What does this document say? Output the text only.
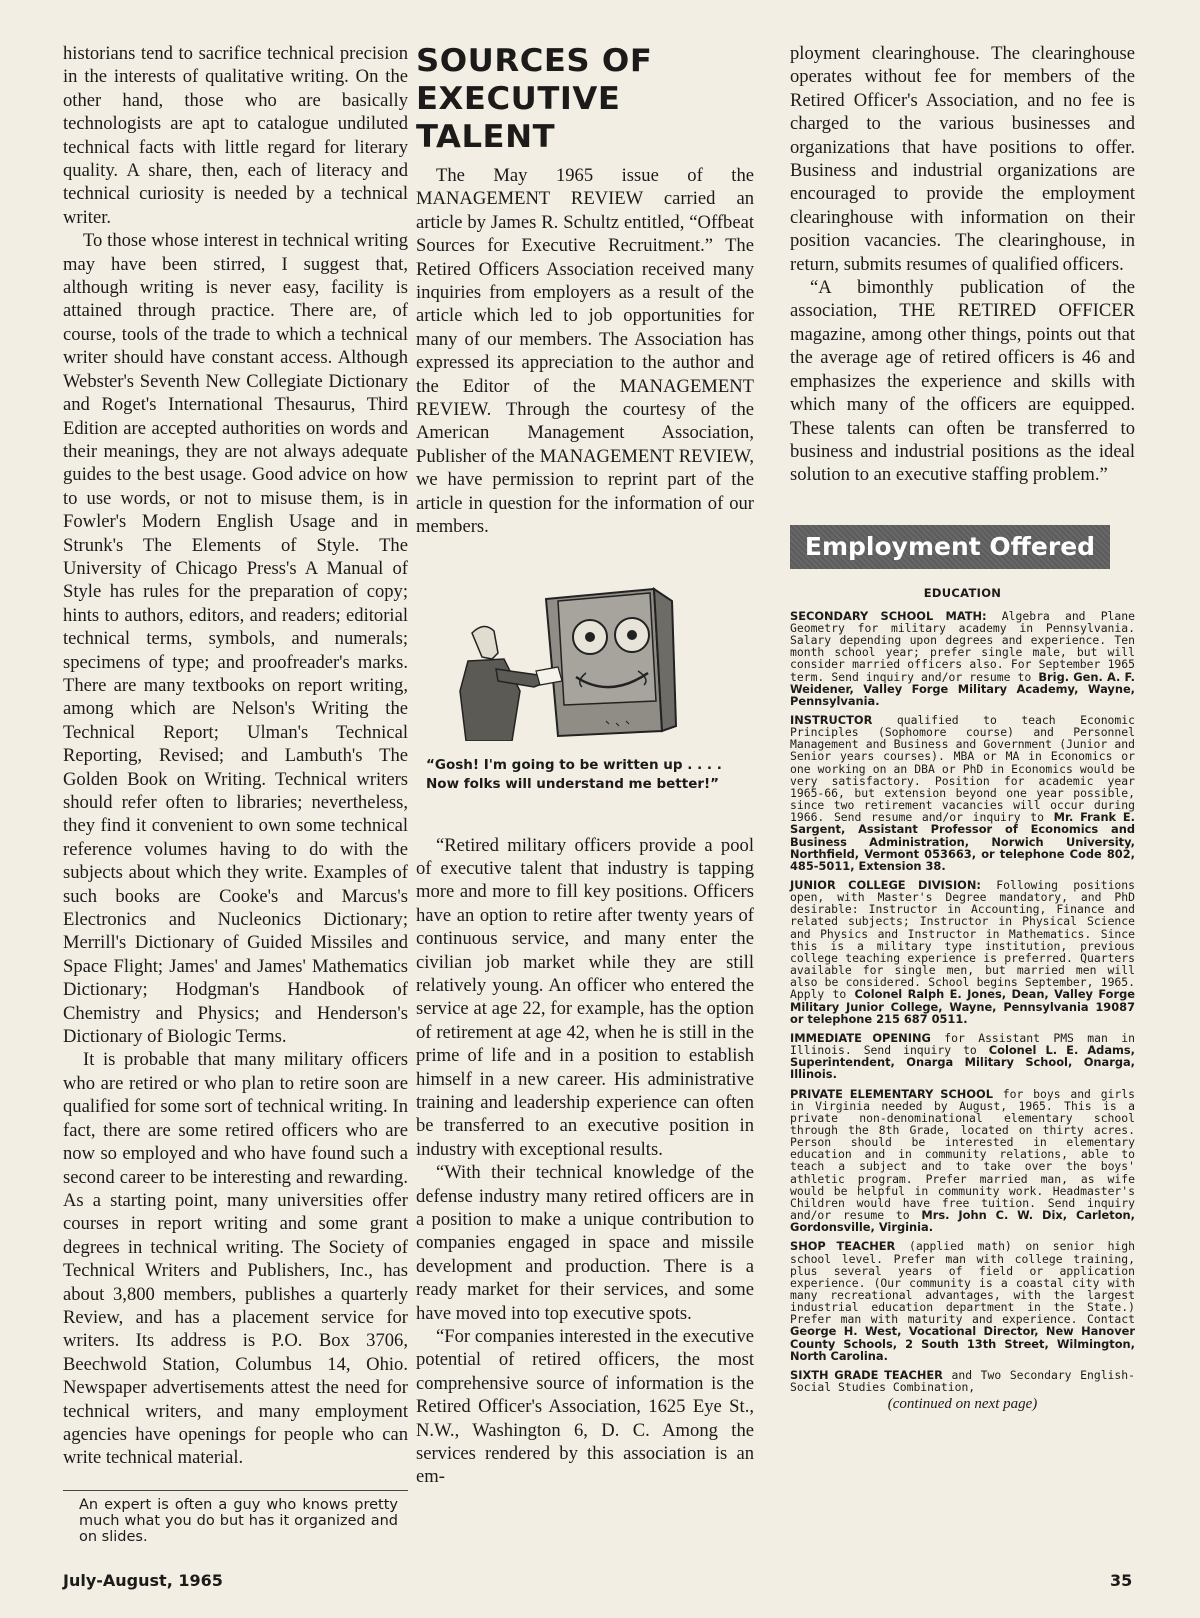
historians tend to sacrifice technical precision in the interests of qualitative writing. On the other hand, those who are basically technologists are apt to catalogue undiluted technical facts with little regard for literary quality. A share, then, each of literacy and technical curiosity is needed by a technical writer.

To those whose interest in technical writing may have been stirred, I suggest that, although writing is never easy, facility is attained through practice. There are, of course, tools of the trade to which a technical writer should have constant access. Although Webster's Seventh New Collegiate Dictionary and Roget's International Thesaurus, Third Edition are accepted authorities on words and their meanings, they are not always adequate guides to the best usage. Good advice on how to use words, or not to misuse them, is in Fowler's Modern English Usage and in Strunk's The Elements of Style. The University of Chicago Press's A Manual of Style has rules for the preparation of copy; hints to authors, editors, and readers; editorial technical terms, symbols, and numerals; specimens of type; and proofreader's marks. There are many textbooks on report writing, among which are Nelson's Writing the Technical Report; Ulman's Technical Reporting, Revised; and Lambuth's The Golden Book on Writing. Technical writers should refer often to libraries; nevertheless, they find it convenient to own some technical reference volumes having to do with the subjects about which they write. Examples of such books are Cooke's and Marcus's Electronics and Nucleonics Dictionary; Merrill's Dictionary of Guided Missiles and Space Flight; James' and James' Mathematics Dictionary; Hodgman's Handbook of Chemistry and Physics; and Henderson's Dictionary of Biologic Terms.

It is probable that many military officers who are retired or who plan to retire soon are qualified for some sort of technical writing. In fact, there are some retired officers who are now so employed and who have found such a second career to be interesting and rewarding. As a starting point, many universities offer courses in report writing and some grant degrees in technical writing. The Society of Technical Writers and Publishers, Inc., has about 3,800 members, publishes a quarterly Review, and has a placement service for writers. Its address is P.O. Box 3706, Beechwold Station, Columbus 14, Ohio. Newspaper advertisements attest the need for technical writers, and many employment agencies have openings for people who can write technical material.

An expert is often a guy who knows pretty much what you do but has it organized and on slides.
SOURCES OF EXECUTIVE TALENT

The May 1965 issue of the MANAGEMENT REVIEW carried an article by James R. Schultz entitled, “Offbeat Sources for Executive Recruitment.” The Retired Officers Association received many inquiries from employers as a result of the article which led to job opportunities for many of our members. The Association has expressed its appreciation to the author and the Editor of the MANAGEMENT REVIEW. Through the courtesy of the American Management Association, Publisher of the MANAGEMENT REVIEW, we have permission to reprint part of the article in question for the information of our members.

“Gosh! I'm going to be written up . . . . Now folks will understand me better!”

“Retired military officers provide a pool of executive talent that industry is tapping more and more to fill key positions. Officers have an option to retire after twenty years of continuous service, and many enter the civilian job market while they are still relatively young. An officer who entered the service at age 22, for example, has the option of retirement at age 42, when he is still in the prime of life and in a position to establish himself in a new career. His administrative training and leadership experience can often be transferred to an executive position in industry with exceptional results.

“With their technical knowledge of the defense industry many retired officers are in a position to make a unique contribution to companies engaged in space and missile development and production. There is a ready market for their services, and some have moved into top executive spots.

“For companies interested in the executive potential of retired officers, the most comprehensive source of information is the Retired Officer's Association, 1625 Eye St., N.W., Washington 6, D. C. Among the services rendered by this association is an em-

ployment clearinghouse. The clearinghouse operates without fee for members of the Retired Officer's Association, and no fee is charged to the various businesses and organizations that have positions to offer. Business and industrial organizations are encouraged to provide the employment clearinghouse with information on their position vacancies. The clearinghouse, in return, submits resumes of qualified officers.

“A bimonthly publication of the association, THE RETIRED OFFICER magazine, among other things, points out that the average age of retired officers is 46 and emphasizes the experience and skills with which many of the officers are equipped. These talents can often be transferred to business and industrial positions as the ideal solution to an executive staffing problem.”

Employment Offered
EDUCATION
SECONDARY SCHOOL MATH: Algebra and Plane Geometry for military academy in Pennsylvania. Salary depending upon degrees and experience. Ten month school year; prefer single male, but will consider married officers also. For September 1965 term. Send inquiry and/or resume to Brig. Gen. A. F. Weidener, Valley Forge Military Academy, Wayne, Pennsylvania.
INSTRUCTOR qualified to teach Economic Principles (Sophomore course) and Personnel Management and Business and Government (Junior and Senior years courses). MBA or MA in Economics or one working on an DBA or PhD in Economics would be very satisfactory. Position for academic year 1965-66, but extension beyond one year possible, since two retirement vacancies will occur during 1966. Send resume and/or inquiry to Mr. Frank E. Sargent, Assistant Professor of Economics and Business Administration, Norwich University, Northfield, Vermont 053663, or telephone Code 802, 485-5011, Extension 38.
JUNIOR COLLEGE DIVISION: Following positions open, with Master's Degree mandatory, and PhD desirable: Instructor in Accounting, Finance and related subjects; Instructor in Physical Science and Physics and Instructor in Mathematics. Since this is a military type institution, previous college teaching experience is preferred. Quarters available for single men, but married men will also be considered. School begins September, 1965. Apply to Colonel Ralph E. Jones, Dean, Valley Forge Military Junior College, Wayne, Pennsylvania 19087 or telephone 215 687 0511.
IMMEDIATE OPENING for Assistant PMS man in Illinois. Send inquiry to Colonel L. E. Adams, Superintendent, Onarga Military School, Onarga, Illinois.
PRIVATE ELEMENTARY SCHOOL for boys and girls in Virginia needed by August, 1965. This is a private non-denominational elementary school through the 8th Grade, located on thirty acres. Person should be interested in elementary education and in community relations, able to teach a subject and to take over the boys' athletic program. Prefer married man, as wife would be helpful in community work. Headmaster's Children would have free tuition. Send inquiry and/or resume to Mrs. John C. W. Dix, Carleton, Gordonsville, Virginia.
SHOP TEACHER (applied math) on senior high school level. Prefer man with college training, plus several years of field or application experience. (Our community is a coastal city with many recreational advantages, with the largest industrial education department in the State.) Prefer man with maturity and experience. Contact George H. West, Vocational Director, New Hanover County Schools, 2 South 13th Street, Wilmington, North Carolina.
SIXTH GRADE TEACHER and Two Secondary English-Social Studies Combination,
(continued on next page)
July-August, 1965	35
